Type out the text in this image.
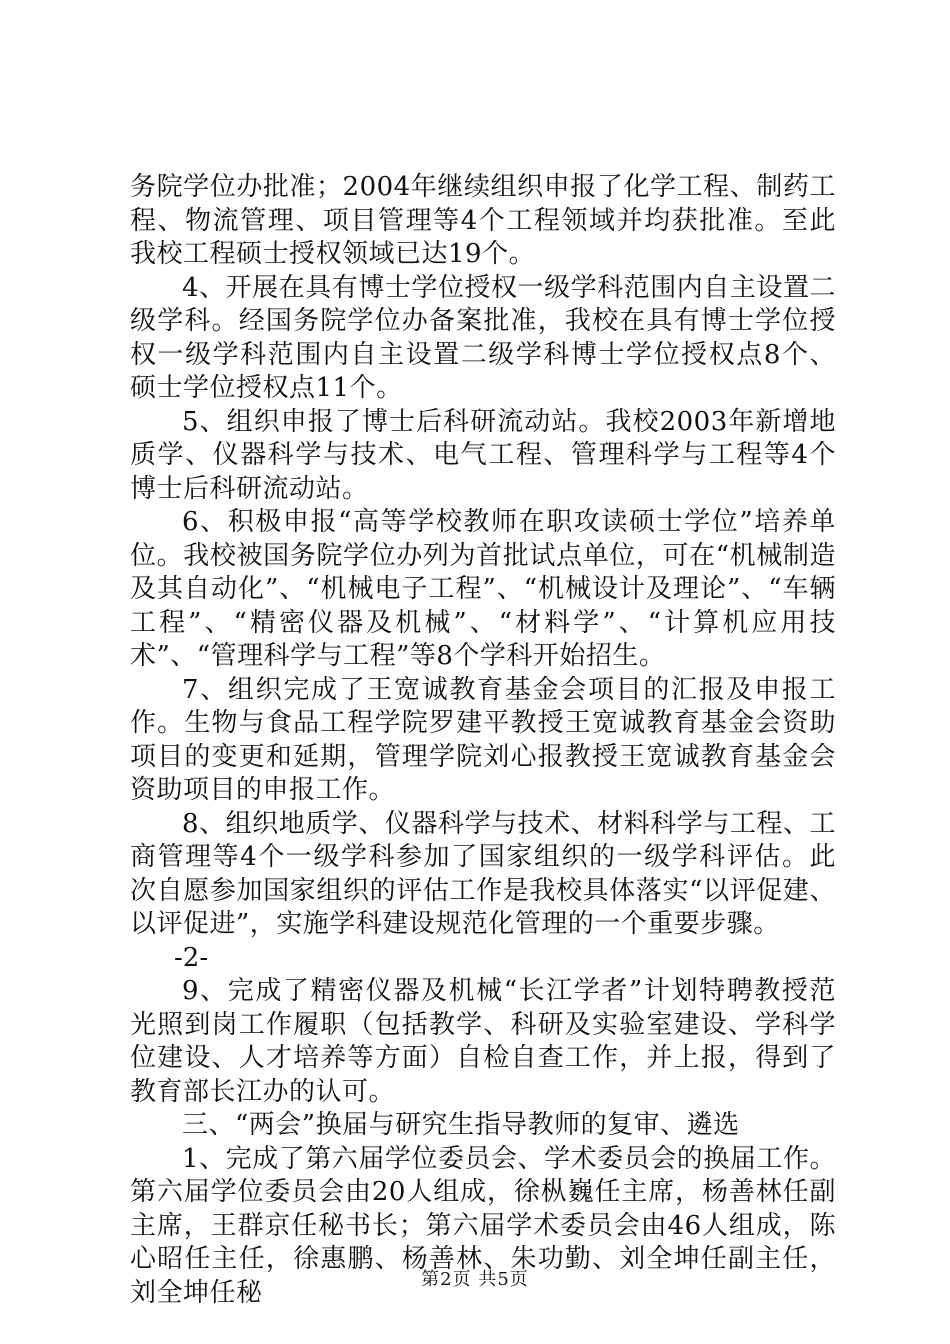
务院学位办批准；2004年继续组织申报了化学工程、制药工程、物流管理、项目管理等4个工程领域并均获批准。至此我校工程硕士授权领域已达19个。

4、开展在具有博士学位授权一级学科范围内自主设置二级学科。经国务院学位办备案批准，我校在具有博士学位授权一级学科范围内自主设置二级学科博士学位授权点8个、硕士学位授权点11个。

5、组织申报了博士后科研流动站。我校2003年新增地质学、仪器科学与技术、电气工程、管理科学与工程等4个博士后科研流动站。

6、积极申报“高等学校教师在职攻读硕士学位”培养单位。我校被国务院学位办列为首批试点单位，可在“机械制造及其自动化”、“机械电子工程”、“机械设计及理论”、“车辆工程”、“精密仪器及机械”、“材料学”、“计算机应用技术”、“管理科学与工程”等8个学科开始招生。

7、组织完成了王宽诚教育基金会项目的汇报及申报工作。生物与食品工程学院罗建平教授王宽诚教育基金会资助项目的变更和延期，管理学院刘心报教授王宽诚教育基金会资助项目的申报工作。

8、组织地质学、仪器科学与技术、材料科学与工程、工商管理等4个一级学科参加了国家组织的一级学科评估。此次自愿参加国家组织的评估工作是我校具体落实“以评促建、以评促进”，实施学科建设规范化管理的一个重要步骤。

-2-

9、完成了精密仪器及机械“长江学者”计划特聘教授范光照到岗工作履职（包括教学、科研及实验室建设、学科学位建设、人才培养等方面）自检自查工作，并上报，得到了教育部长江办的认可。

三、“两会”换届与研究生指导教师的复审、遴选

1、完成了第六届学位委员会、学术委员会的换届工作。第六届学位委员会由20人组成，徐枞巍任主席，杨善林任副主席，王群京任秘书长；第六届学术委员会由46人组成，陈心昭任主任，徐惠鹏、杨善林、朱功勤、刘全坤任副主任，刘全坤任秘	第2页 共5页
